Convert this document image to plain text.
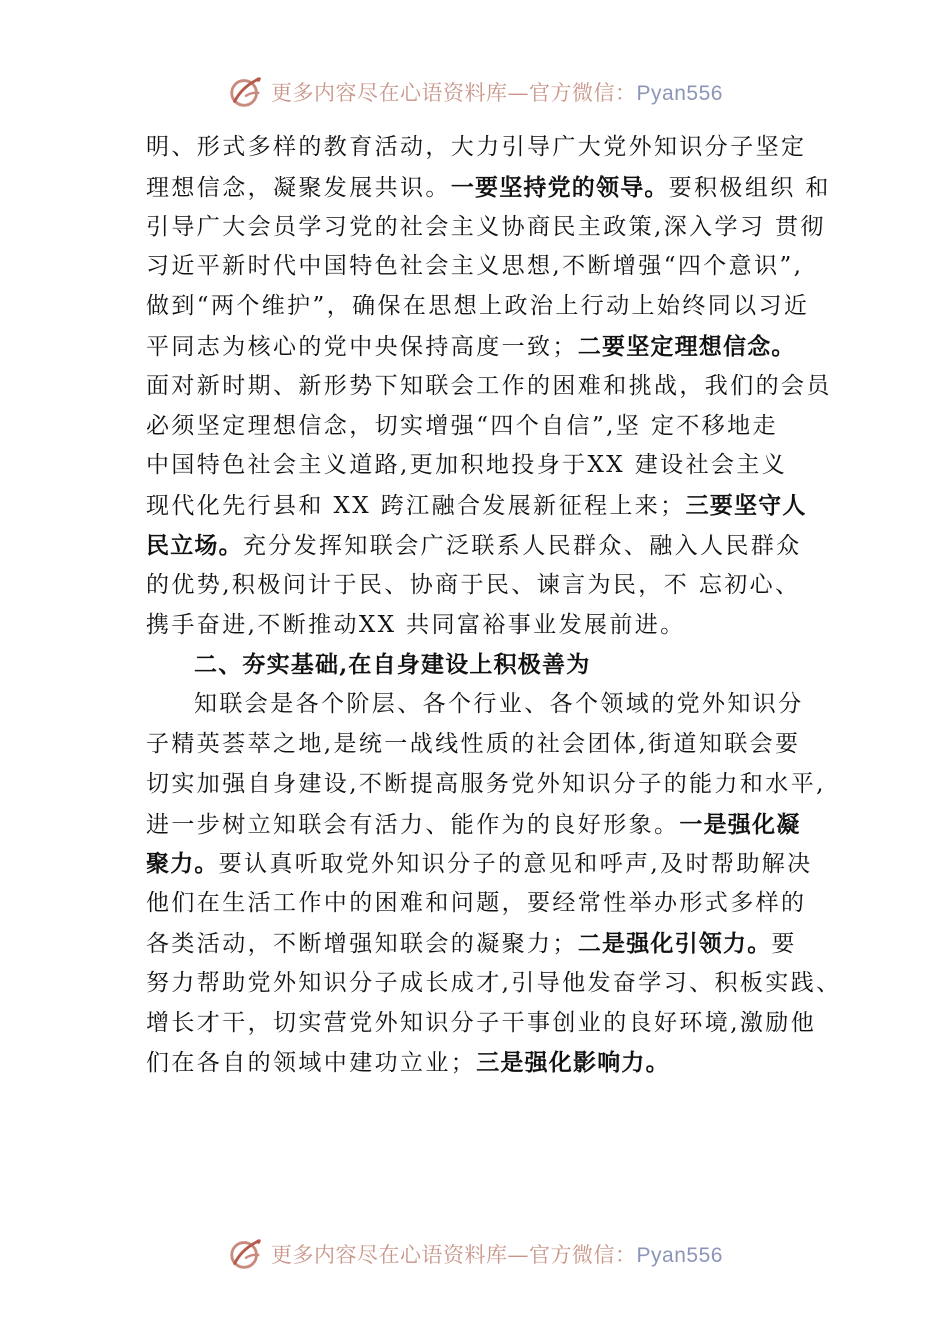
更多内容尽在心语资料库—官方微信：Pyan556
明、形式多样的教育活动，大力引导广大党外知识分子坚定
理想信念，凝聚发展共识。一要坚持党的领导。要积极组织 和
引导广大会员学习党的社会主义协商民主政策,深入学习 贯彻
习近平新时代中国特色社会主义思想,不断增强“四个意识”,
做到“两个维护”，确保在思想上政治上行动上始终同以习近
平同志为核心的党中央保持高度一致；二要坚定理想信念。
面对新时期、新形势下知联会工作的困难和挑战，我们的会员
必须坚定理想信念，切实增强“四个自信”,坚 定不移地走
中国特色社会主义道路,更加积地投身于XX 建设社会主义
现代化先行县和 XX 跨江融合发展新征程上来；三要坚守人
民立场。充分发挥知联会广泛联系人民群众、融入人民群众
的优势,积极问计于民、协商于民、谏言为民，不 忘初心、
携手奋进,不断推动XX 共同富裕事业发展前进。
二、夯实基础,在自身建设上积极善为
知联会是各个阶层、各个行业、各个领域的党外知识分
子精英荟萃之地,是统一战线性质的社会团体,街道知联会要
切实加强自身建设,不断提高服务党外知识分子的能力和水平,
进一步树立知联会有活力、能作为的良好形象。一是强化凝
聚力。要认真听取党外知识分子的意见和呼声,及时帮助解决
他们在生活工作中的困难和问题，要经常性举办形式多样的
各类活动，不断增强知联会的凝聚力；二是强化引领力。要
努力帮助党外知识分子成长成才,引导他发奋学习、积板实践、
增长才干，切实营党外知识分子干事创业的良好环境,激励他
们在各自的领域中建功立业；三是强化影响力。
更多内容尽在心语资料库—官方微信：Pyan556
